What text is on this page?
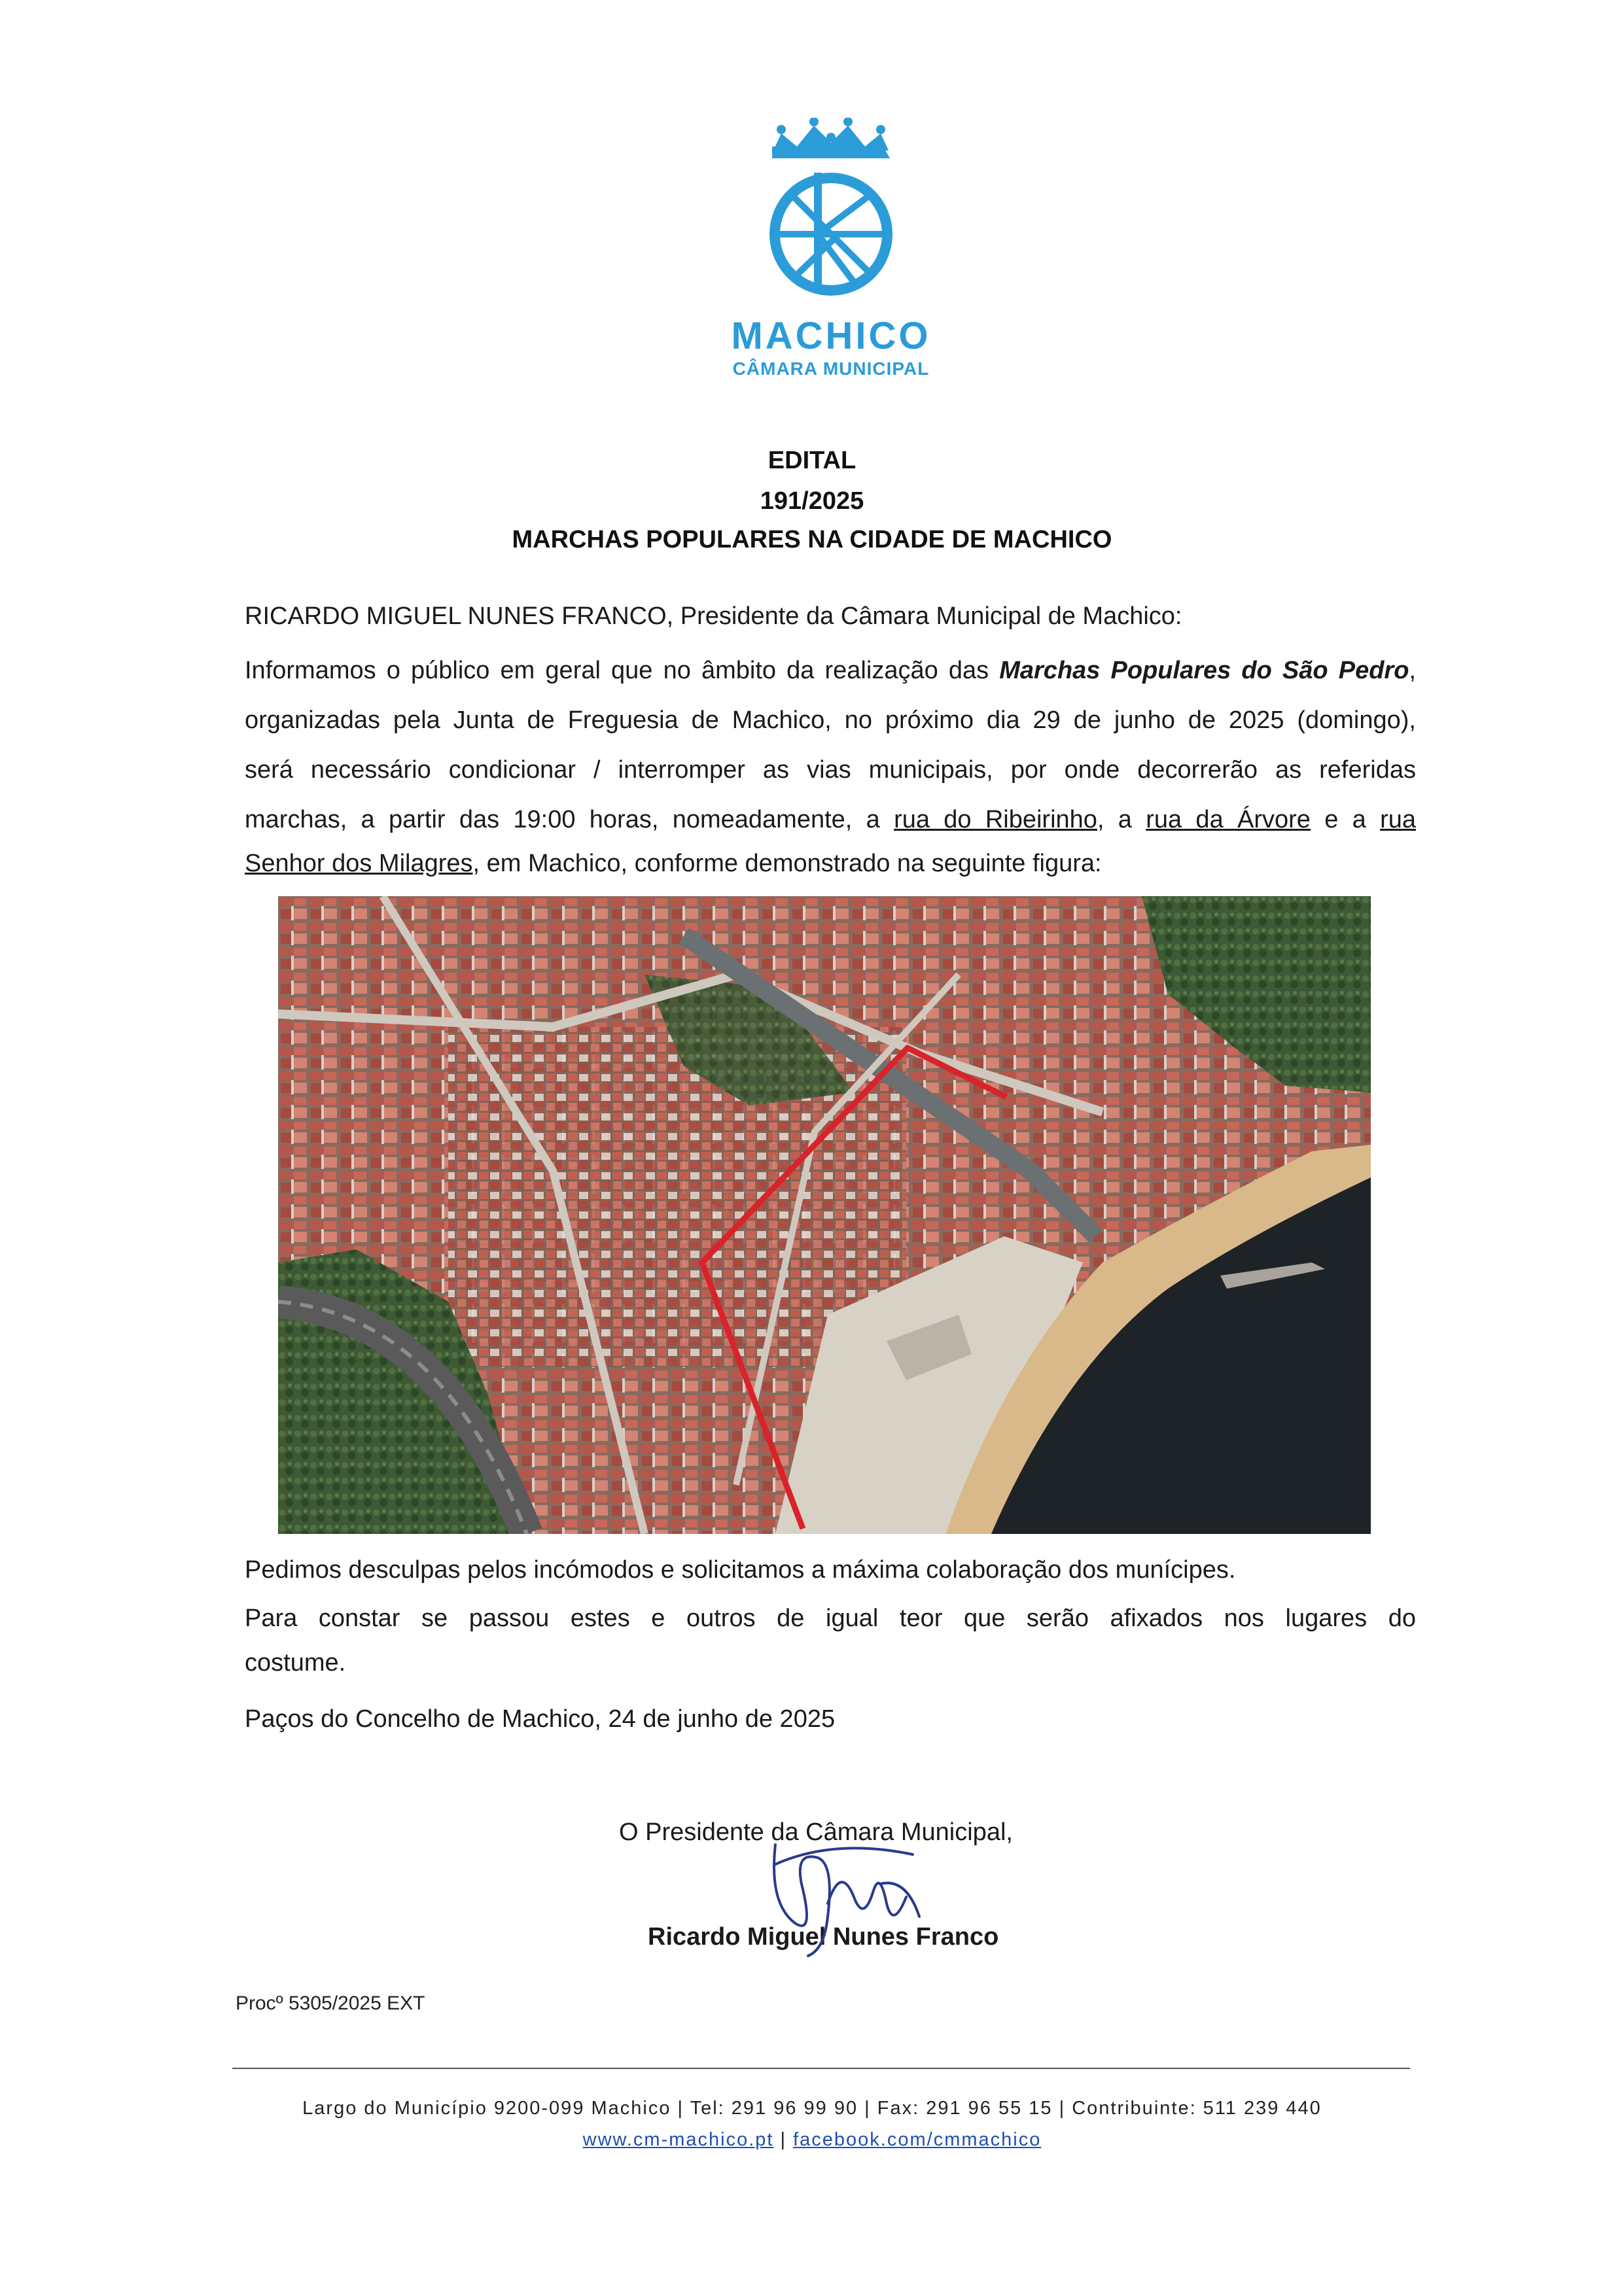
MACHICO
CÂMARA MUNICIPAL
EDITAL
191/2025
MARCHAS POPULARES NA CIDADE DE MACHICO
RICARDO MIGUEL NUNES FRANCO, Presidente da Câmara Municipal de Machico:
Informamos o público em geral que no âmbito da realização das Marchas Populares do São Pedro,
organizadas pela Junta de Freguesia de Machico, no próximo dia 29 de junho de 2025 (domingo),
será necessário condicionar / interromper as vias municipais, por onde decorrerão as referidas
marchas, a partir das 19:00 horas, nomeadamente, a rua do Ribeirinho, a rua da Árvore e a rua
Senhor dos Milagres, em Machico, conforme demonstrado na seguinte figura:
Pedimos desculpas pelos incómodos e solicitamos a máxima colaboração dos munícipes.
Para constar se passou estes e outros de igual teor que serão afixados nos lugares do
costume.
Paços do Concelho de Machico, 24 de junho de 2025
O Presidente da Câmara Municipal,
Ricardo Miguel Nunes Franco
Procº 5305/2025 EXT
Largo do Município 9200-099 Machico | Tel: 291 96 99 90 | Fax: 291 96 55 15 | Contribuinte: 511 239 440
www.cm-machico.pt | facebook.com/cmmachico
